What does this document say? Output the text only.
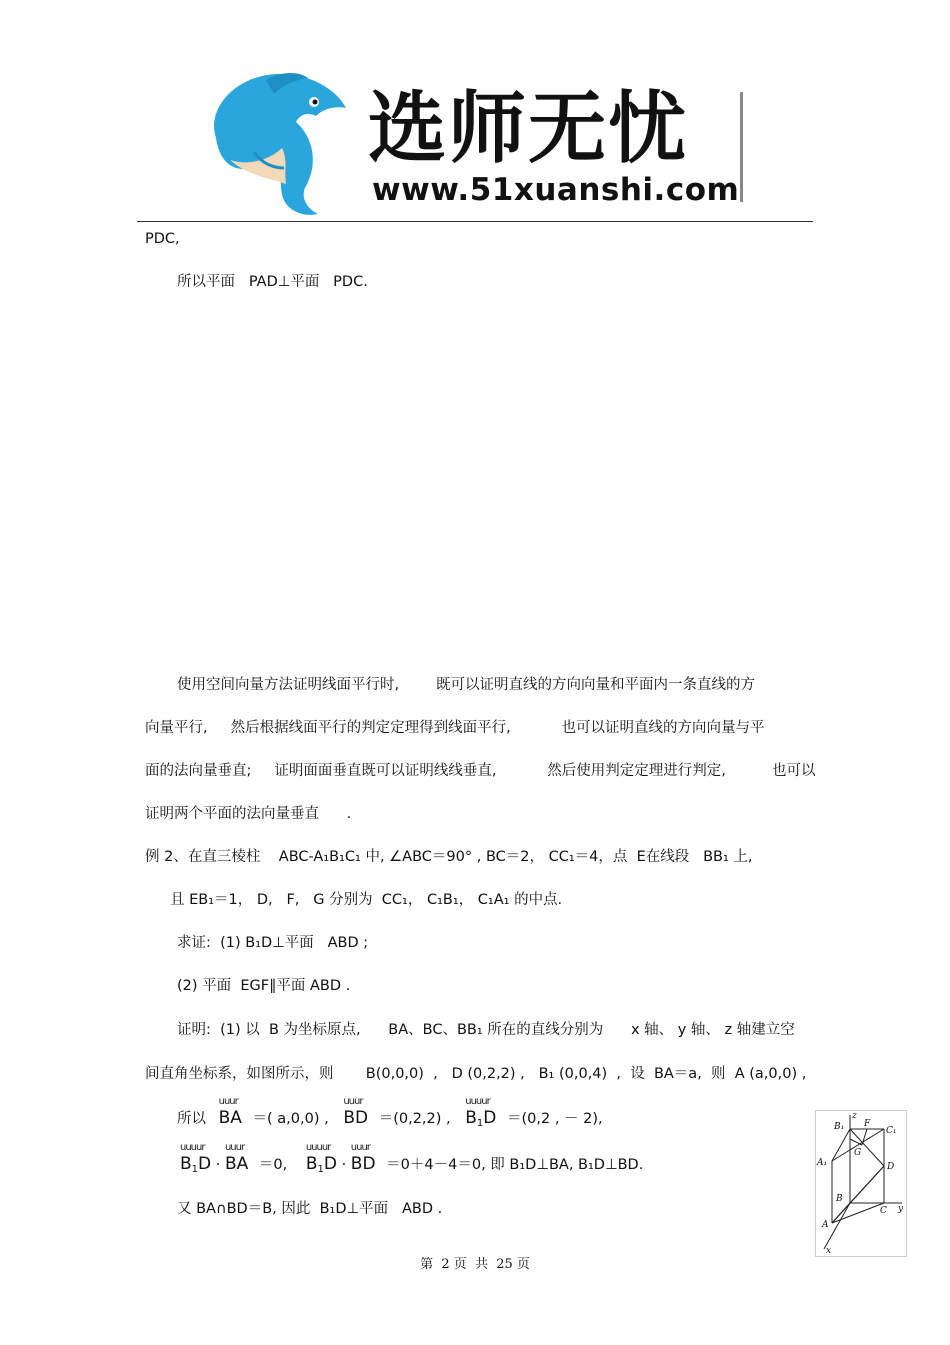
选师无忧
www.51xuanshi.com
PDC,
所以平面   PAD⊥平面   PDC.
使用空间向量方法证明线面平行时,        既可以证明直线的方向向量和平面内一条直线的方
向量平行,     然后根据线面平行的判定定理得到线面平行,           也可以证明直线的方向向量与平
面的法向量垂直;     证明面面垂直既可以证明线线垂直,           然后使用判定定理进行判定,          也可以
证明两个平面的法向量垂直      .
例 2、在直三棱柱    ABC-A₁B₁C₁ 中, ∠ABC＝90° , BC＝2， CC₁＝4，点  E在线段   BB₁ 上,
且 EB₁＝1， D,   F,   G 分别为  CC₁， C₁B₁， C₁A₁ 的中点.
求证:  (1) B₁D⊥平面   ABD ;
(2) 平面  EGF∥平面 ABD .
证明:  (1) 以  B 为坐标原点,      BA、BC、BB₁ 所在的直线分别为      x 轴、 y 轴、 z 轴建立空
间直角坐标系，如图所示，则       B(0,0,0)  ,   D (0,2,2) ,   B₁ (0,0,4)  ,  设  BA＝a,  则  A (a,0,0) ,
所以
uuur
BA ＝( a,0,0) ,
uuur
BD ＝(0,2,2) ,
uuuur
$B_1D =(0,2$ , － 2),
uuuur
$B_1D$ ·
uuur
BA ＝0,
uuuur
$B_1D$ ·
uuur
BD ＝0＋4－4＝0, 即 B₁D⊥BA, B₁D⊥BD.
又 BA∩BD＝B, 因此  B₁D⊥平面   ABD .
B₁
z
F
C₁
A₁
G
D
B
A
C y
x
第  2 页  共  25 页
